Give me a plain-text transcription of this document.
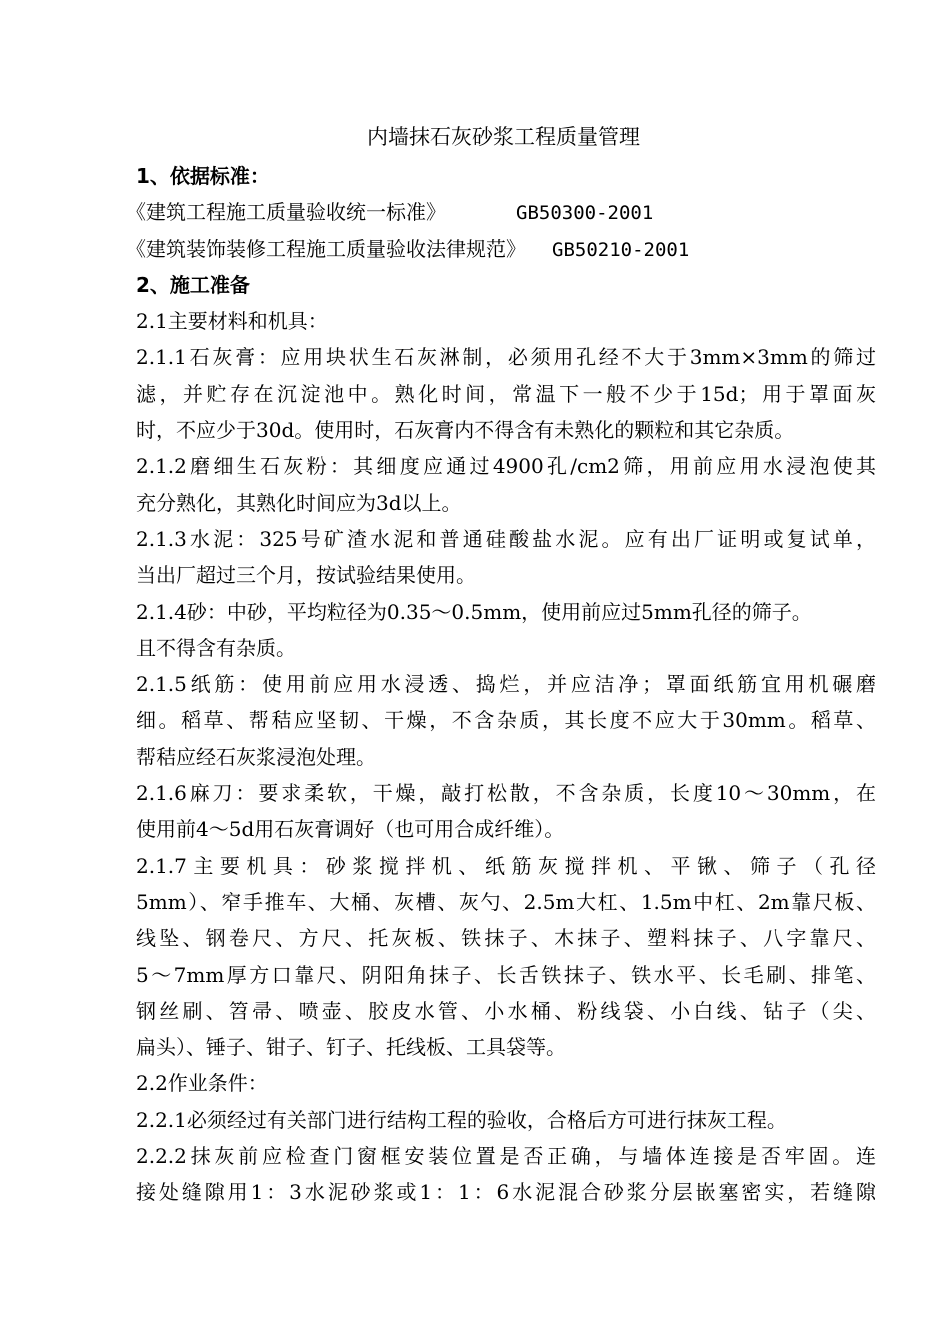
内墙抹石灰砂浆工程质量管理
1、依据标准：
《建筑工程施工质量验收统一标准》	GB50300-2001
《建筑装饰装修工程施工质量验收法律规范》 GB50210-2001
2、施工准备
2.1主要材料和机具：
2.1.1石灰膏：应用块状生石灰淋制，必须用孔经不大于3mm×3mm的筛过
滤，并贮存在沉淀池中。熟化时间，常温下一般不少于15d；用于罩面灰
时，不应少于30d。使用时，石灰膏内不得含有未熟化的颗粒和其它杂质。
2.1.2磨细生石灰粉：其细度应通过4900孔/cm2筛，用前应用水浸泡使其
充分熟化，其熟化时间应为3d以上。
2.1.3水泥：325号矿渣水泥和普通硅酸盐水泥。应有出厂证明或复试单，
当出厂超过三个月，按试验结果使用。
2.1.4砂：中砂，平均粒径为0.35～0.5mm，使用前应过5mm孔径的筛子。
且不得含有杂质。
2.1.5纸筋：使用前应用水浸透、捣烂，并应洁净；罩面纸筋宜用机碾磨
细。稻草、帮秸应坚韧、干燥，不含杂质，其长度不应大于30mm。稻草、
帮秸应经石灰浆浸泡处理。
2.1.6麻刀：要求柔软，干燥，敲打松散，不含杂质，长度10～30mm，在
使用前4～5d用石灰膏调好（也可用合成纤维）。
2.1.7主要机具：砂浆搅拌机、纸筋灰搅拌机、平锹、筛子（孔径
5mm）、窄手推车、大桶、灰槽、灰勺、2.5m大杠、1.5m中杠、2m靠尺板、
线坠、钢卷尺、方尺、托灰板、铁抹子、木抹子、塑料抹子、八字靠尺、
5～7mm厚方口靠尺、阴阳角抹子、长舌铁抹子、铁水平、长毛刷、排笔、
钢丝刷、笤帚、喷壶、胶皮水管、小水桶、粉线袋、小白线、钻子（尖、
扁头）、锤子、钳子、钉子、托线板、工具袋等。
2.2作业条件：
2.2.1必须经过有关部门进行结构工程的验收，合格后方可进行抹灰工程。
2.2.2抹灰前应检查门窗框安装位置是否正确，与墙体连接是否牢固。连
接处缝隙用1：3水泥砂浆或1：1：6水泥混合砂浆分层嵌塞密实，若缝隙
